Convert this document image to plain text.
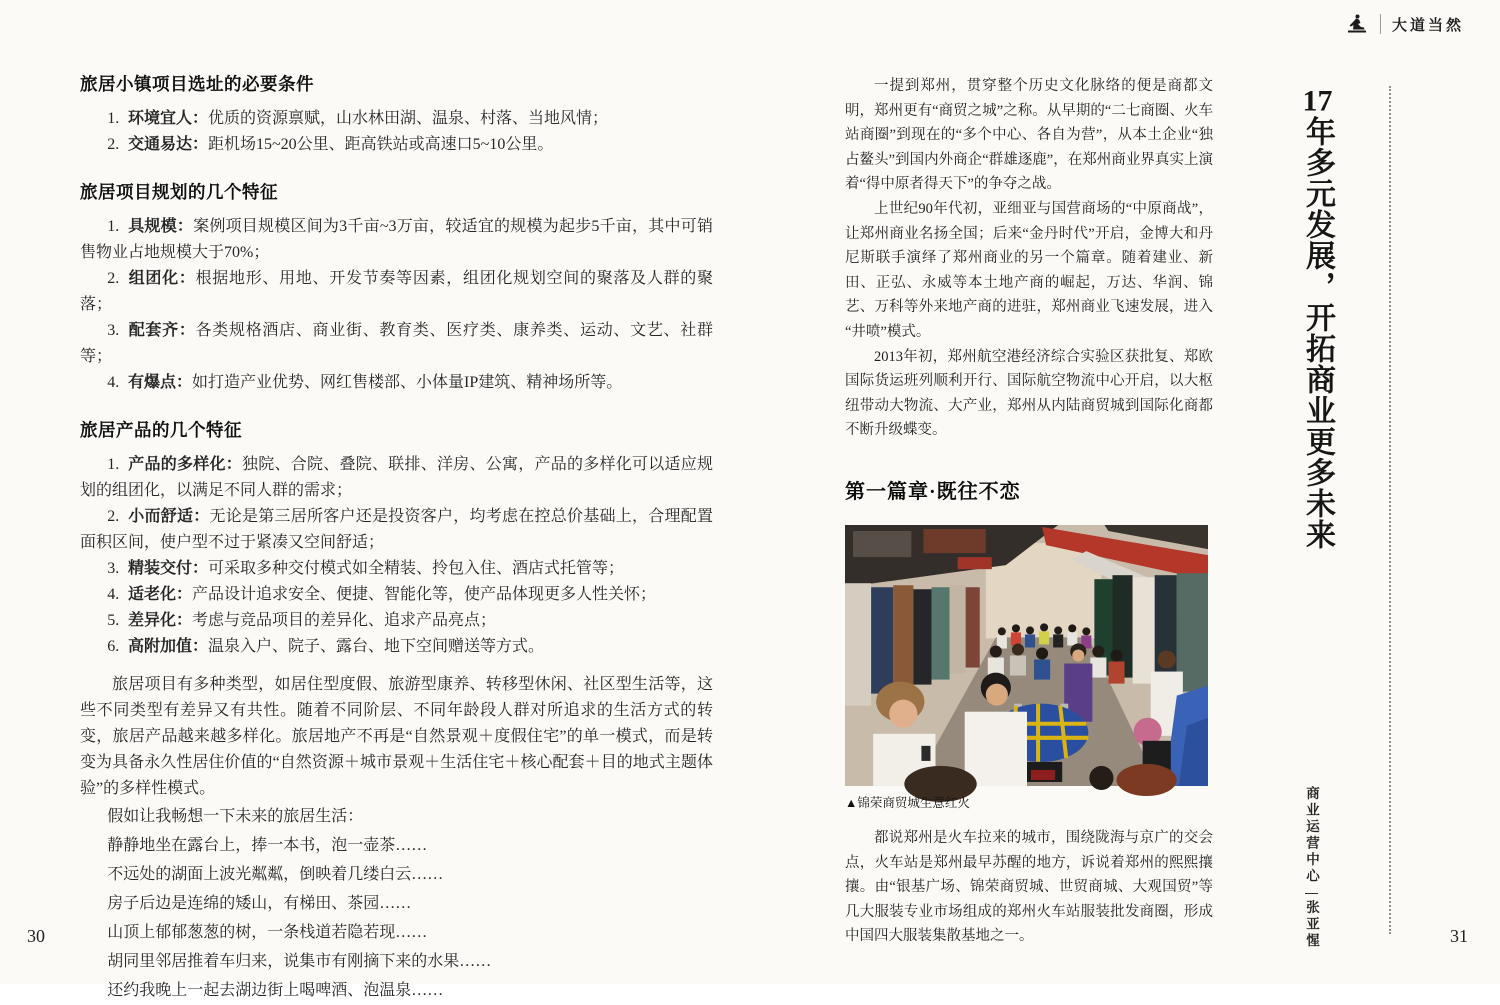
大道当然
旅居小镇项目选址的必要条件

1. 环境宜人：优质的资源禀赋，山水林田湖、温泉、村落、当地风情；

2. 交通易达：距机场15~20公里、距高铁站或高速口5~10公里。

旅居项目规划的几个特征

1. 具规模：案例项目规模区间为3千亩~3万亩，较适宜的规模为起步5千亩，其中可销售物业占地规模大于70%；

2. 组团化：根据地形、用地、开发节奏等因素，组团化规划空间的聚落及人群的聚落；

3. 配套齐：各类规格酒店、商业街、教育类、医疗类、康养类、运动、文艺、社群等；

4. 有爆点：如打造产业优势、网红售楼部、小体量IP建筑、精神场所等。

旅居产品的几个特征

1. 产品的多样化：独院、合院、叠院、联排、洋房、公寓，产品的多样化可以适应规划的组团化，以满足不同人群的需求；

2. 小而舒适：无论是第三居所客户还是投资客户，均考虑在控总价基础上，合理配置面积区间，使户型不过于紧凑又空间舒适；

3. 精装交付：可采取多种交付模式如全精装、拎包入住、酒店式托管等；

4. 适老化：产品设计追求安全、便捷、智能化等，使产品体现更多人性关怀；

5. 差异化：考虑与竞品项目的差异化、追求产品亮点；

6. 高附加值：温泉入户、院子、露台、地下空间赠送等方式。

旅居项目有多种类型，如居住型度假、旅游型康养、转移型休闲、社区型生活等，这些不同类型有差异又有共性。随着不同阶层、不同年龄段人群对所追求的生活方式的转变，旅居产品越来越多样化。旅居地产不再是“自然景观＋度假住宅”的单一模式，而是转变为具备永久性居住价值的“自然资源＋城市景观＋生活住宅＋核心配套＋目的地式主题体验”的多样性模式。

假如让我畅想一下未来的旅居生活：

静静地坐在露台上，捧一本书，泡一壶茶……

不远处的湖面上波光粼粼，倒映着几缕白云……

房子后边是连绵的矮山，有梯田、茶园……

山顶上郁郁葱葱的树，一条栈道若隐若现……

胡同里邻居推着车归来，说集市有刚摘下来的水果……

还约我晚上一起去湖边街上喝啤酒、泡温泉……

一提到郑州，贯穿整个历史文化脉络的便是商都文明，郑州更有“商贸之城”之称。从早期的“二七商圈、火车站商圈”到现在的“多个中心、各自为营”，从本土企业“独占鳌头”到国内外商企“群雄逐鹿”，在郑州商业界真实上演着“得中原者得天下”的争夺之战。

上世纪90年代初，亚细亚与国营商场的“中原商战”，让郑州商业名扬全国；后来“金丹时代”开启，金博大和丹尼斯联手演绎了郑州商业的另一个篇章。随着建业、新田、正弘、永威等本土地产商的崛起，万达、华润、锦艺、万科等外来地产商的进驻，郑州商业飞速发展，进入“井喷”模式。

2013年初，郑州航空港经济综合实验区获批复、郑欧国际货运班列顺利开行、国际航空物流中心开启，以大枢纽带动大物流、大产业，郑州从内陆商贸城到国际化商都不断升级蝶变。

第一篇章·既往不恋
▲锦荣商贸城生意红火

都说郑州是火车拉来的城市，围绕陇海与京广的交会点，火车站是郑州最早苏醒的地方，诉说着郑州的熙熙攘攘。由“银基广场、锦荣商贸城、世贸商城、大观国贸”等几大服装专业市场组成的郑州火车站服装批发商圈，形成中国四大服装集散基地之一。

17年多元发展，开拓商业更多未来
商业运营中心张亚惺
30	31
